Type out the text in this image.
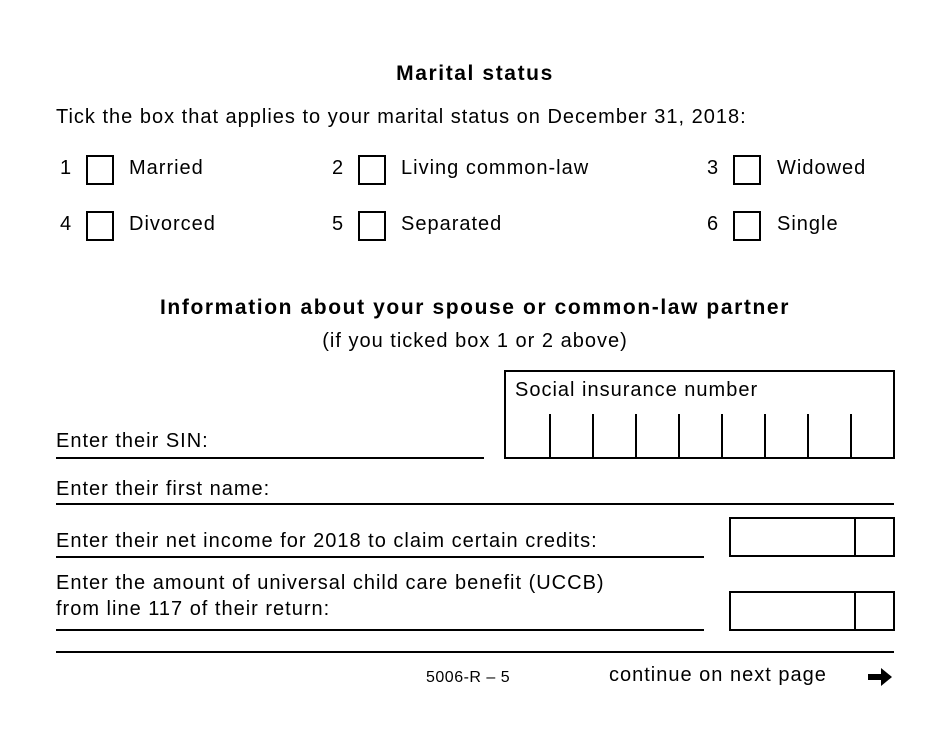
Marital status
Tick the box that applies to your marital status on December 31, 2018:
1	Married	2	Living common-law	3	Widowed
4	Divorced	5	Separated	6	Single
Information about your spouse or common-law partner
(if you ticked box 1 or 2 above)
Social insurance number
Enter their SIN:
Enter their first name:
Enter their net income for 2018 to claim certain credits:
Enter the amount of universal child care benefit (UCCB)
from line 117 of their return:
5006-R – 5	continue on next page
